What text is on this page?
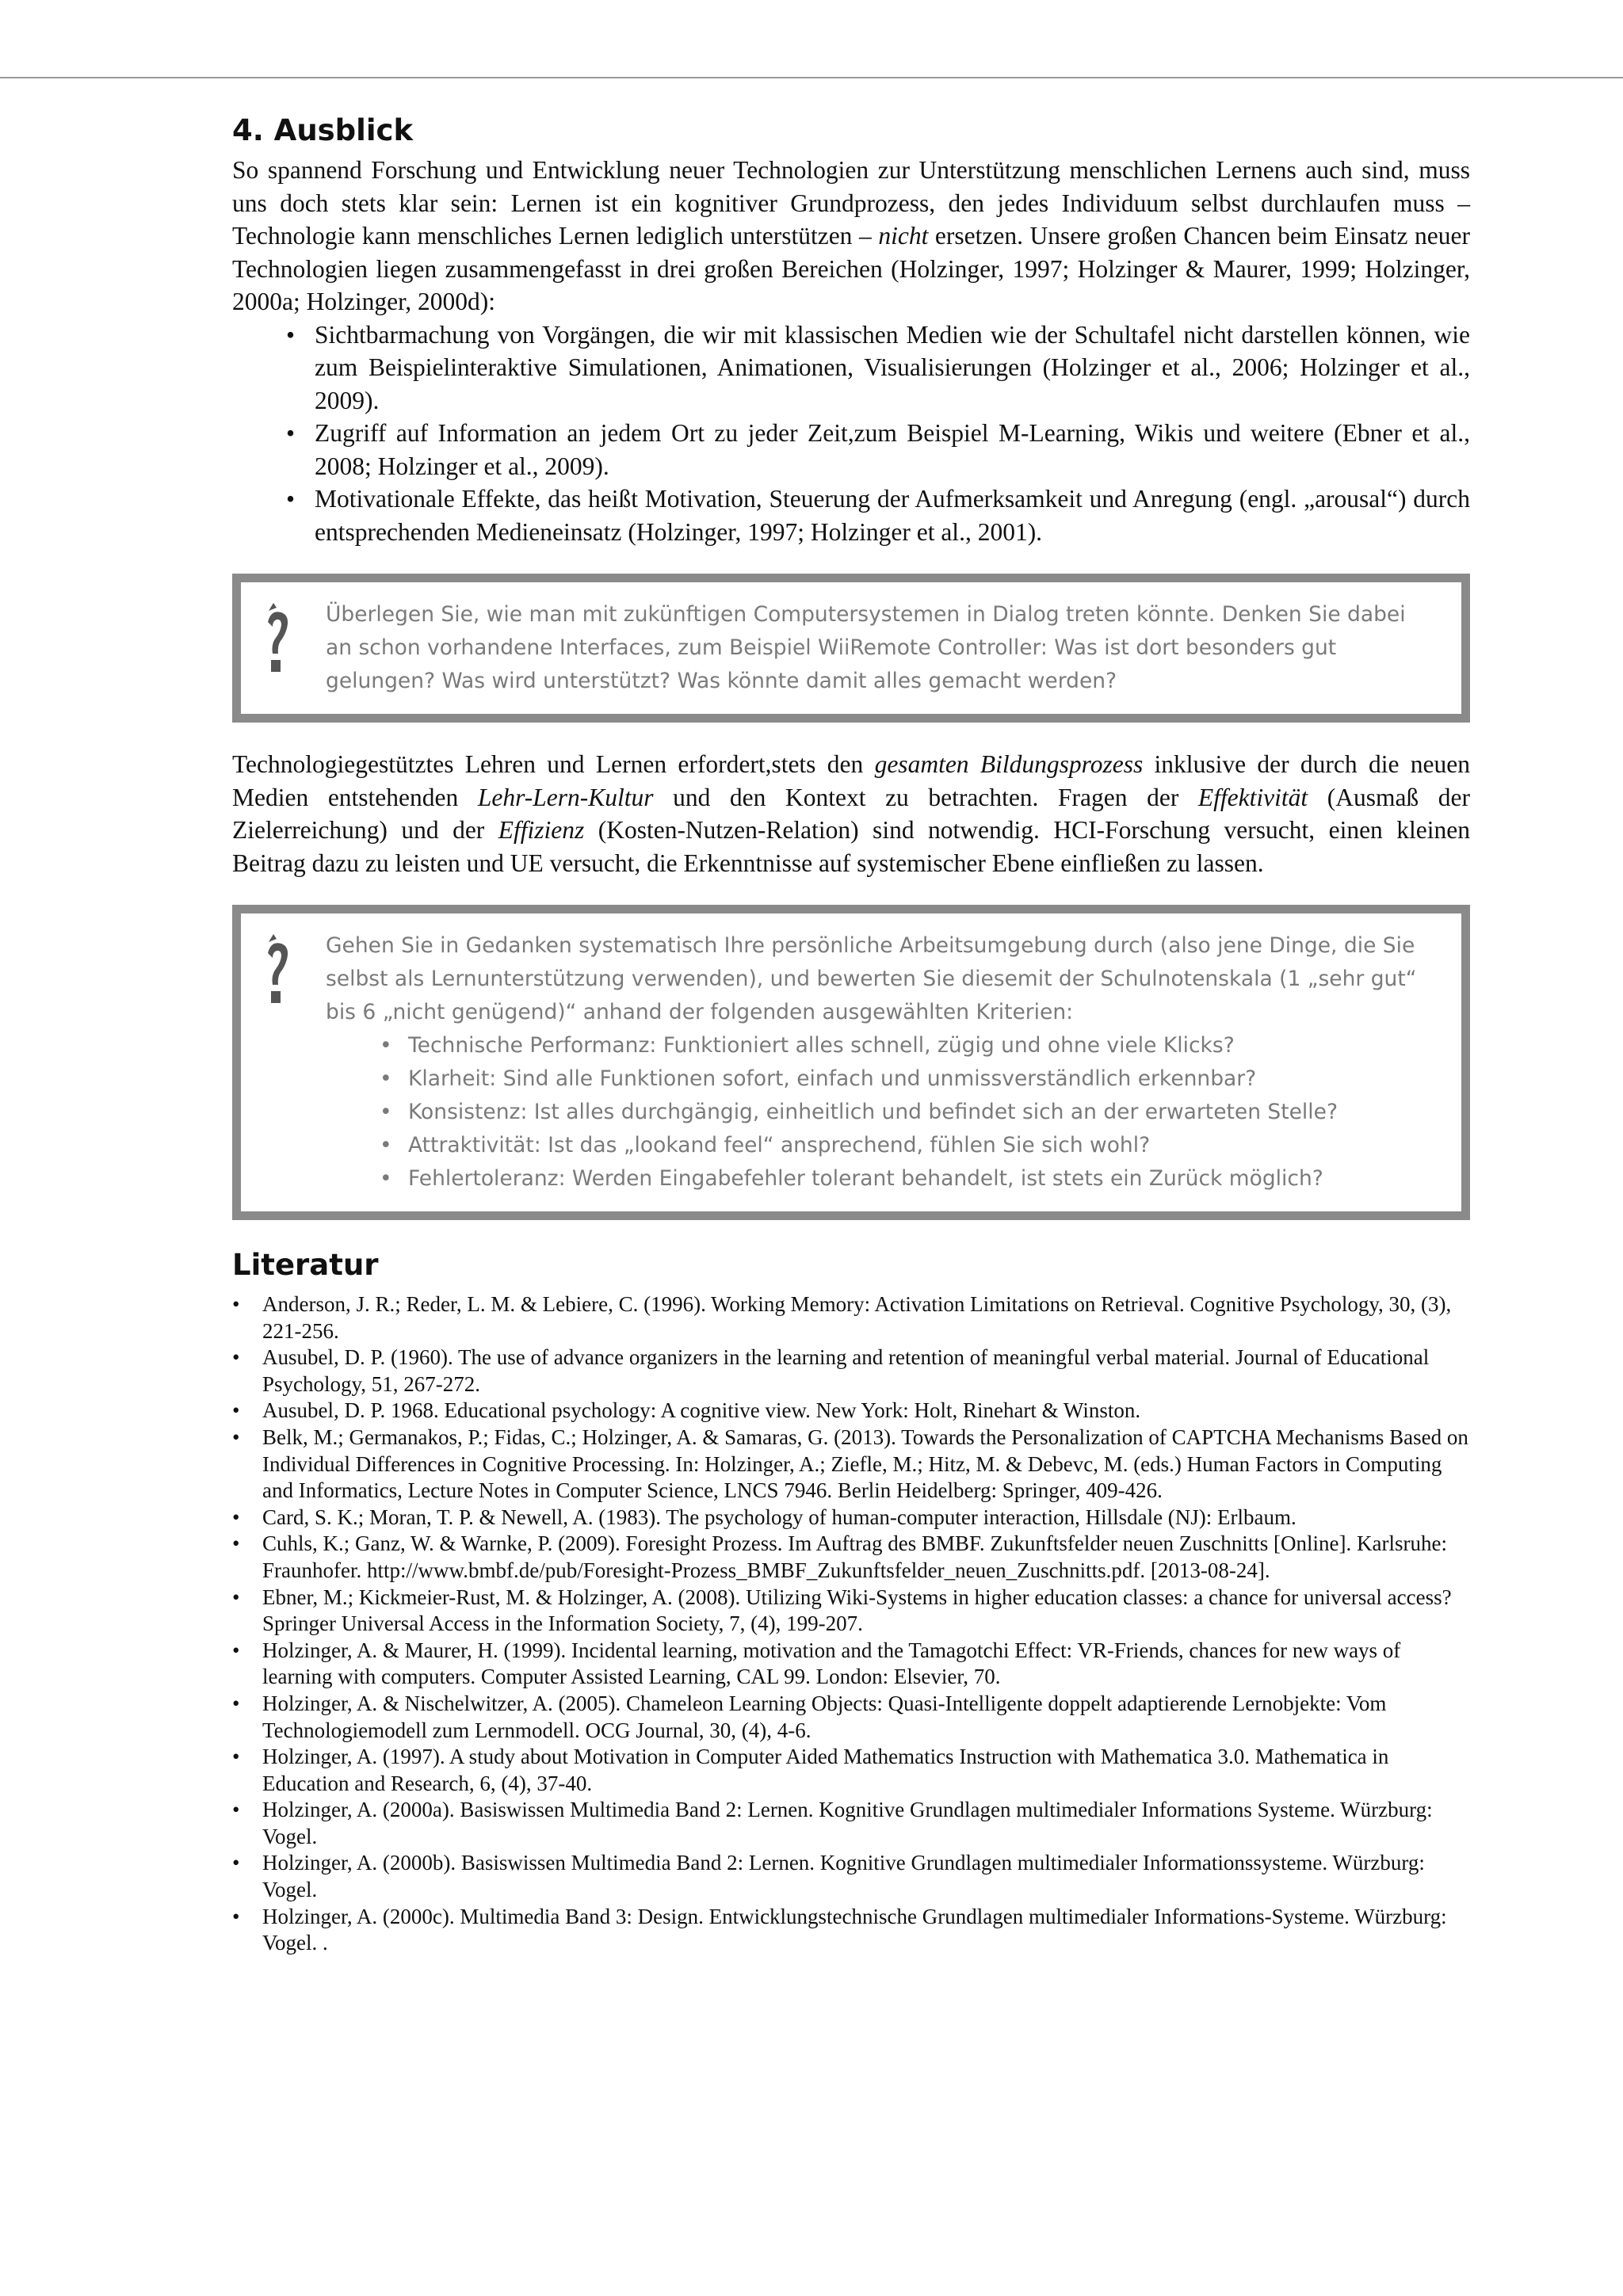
4. Ausblick

So spannend Forschung und Entwicklung neuer Technologien zur Unterstützung menschlichen Lernens auch sind, muss uns doch stets klar sein: Lernen ist ein kognitiver Grundprozess, den jedes Individuum selbst durchlaufen muss – Technologie kann menschliches Lernen lediglich unterstützen – nicht ersetzen. Unsere großen Chancen beim Einsatz neuer Technologien liegen zusammengefasst in drei großen Bereichen (Holzinger, 1997; Holzinger & Maurer, 1999; Holzinger, 2000a; Holzinger, 2000d):

• Sichtbarmachung von Vorgängen, die wir mit klassischen Medien wie der Schultafel nicht darstellen können, wie zum Beispielinteraktive Simulationen, Animationen, Visualisierungen (Holzinger et al., 2006; Holzinger et al., 2009).
• Zugriff auf Information an jedem Ort zu jeder Zeit,zum Beispiel M-Learning, Wikis und weitere (Ebner et al., 2008; Holzinger et al., 2009).
• Motivationale Effekte, das heißt Motivation, Steuerung der Aufmerksamkeit und Anregung (engl. „arousal“) durch entsprechenden Medieneinsatz (Holzinger, 1997; Holzinger et al., 2001).

Überlegen Sie, wie man mit zukünftigen Computersystemen in Dialog treten könnte. Denken Sie dabei an schon vorhandene Interfaces, zum Beispiel WiiRemote Controller: Was ist dort besonders gut gelungen? Was wird unterstützt? Was könnte damit alles gemacht werden?

Technologiegestütztes Lehren und Lernen erfordert,stets den gesamten Bildungsprozess inklusive der durch die neuen Medien entstehenden Lehr-Lern-Kultur und den Kontext zu betrachten. Fragen der Effektivität (Ausmaß der Zielerreichung) und der Effizienz (Kosten-Nutzen-Relation) sind notwendig. HCI-Forschung versucht, einen kleinen Beitrag dazu zu leisten und UE versucht, die Erkenntnisse auf systemischer Ebene einfließen zu lassen.

Gehen Sie in Gedanken systematisch Ihre persönliche Arbeitsumgebung durch (also jene Dinge, die Sie selbst als Lernunterstützung verwenden), und bewerten Sie diesemit der Schulnotenskala (1 „sehr gut“ bis 6 „nicht genügend)“ anhand der folgenden ausgewählten Kriterien:

• Technische Performanz: Funktioniert alles schnell, zügig und ohne viele Klicks?
• Klarheit: Sind alle Funktionen sofort, einfach und unmissverständlich erkennbar?
• Konsistenz: Ist alles durchgängig, einheitlich und befindet sich an der erwarteten Stelle?
• Attraktivität: Ist das „lookand feel“ ansprechend, fühlen Sie sich wohl?
• Fehlertoleranz: Werden Eingabefehler tolerant behandelt, ist stets ein Zurück möglich?
Literatur
• Anderson, J. R.; Reder, L. M. & Lebiere, C. (1996). Working Memory: Activation Limitations on Retrieval. Cognitive Psychology, 30, (3), 221-256.
• Ausubel, D. P. (1960). The use of advance organizers in the learning and retention of meaningful verbal material. Journal of Educational Psychology, 51, 267-272.
• Ausubel, D. P. 1968. Educational psychology: A cognitive view. New York: Holt, Rinehart & Winston.
• Belk, M.; Germanakos, P.; Fidas, C.; Holzinger, A. & Samaras, G. (2013). Towards the Personalization of CAPTCHA Mechanisms Based on Individual Differences in Cognitive Processing. In: Holzinger, A.; Ziefle, M.; Hitz, M. & Debevc, M. (eds.) Human Factors in Computing and Informatics, Lecture Notes in Computer Science, LNCS 7946. Berlin Heidelberg: Springer, 409-426.
• Card, S. K.; Moran, T. P. & Newell, A. (1983). The psychology of human-computer interaction, Hillsdale (NJ): Erlbaum.
• Cuhls, K.; Ganz, W. & Warnke, P. (2009). Foresight Prozess. Im Auftrag des BMBF. Zukunftsfelder neuen Zuschnitts [Online]. Karlsruhe: Fraunhofer. http://www.bmbf.de/pub/Foresight-Prozess_BMBF_Zukunftsfelder_neuen_Zuschnitts.pdf. [2013-08-24].
• Ebner, M.; Kickmeier-Rust, M. & Holzinger, A. (2008). Utilizing Wiki-Systems in higher education classes: a chance for universal access? Springer Universal Access in the Information Society, 7, (4), 199-207.
• Holzinger, A. & Maurer, H. (1999). Incidental learning, motivation and the Tamagotchi Effect: VR-Friends, chances for new ways of learning with computers. Computer Assisted Learning, CAL 99. London: Elsevier, 70.
• Holzinger, A. & Nischelwitzer, A. (2005). Chameleon Learning Objects: Quasi-Intelligente doppelt adaptierende Lernobjekte: Vom Technologiemodell zum Lernmodell. OCG Journal, 30, (4), 4-6.
• Holzinger, A. (1997). A study about Motivation in Computer Aided Mathematics Instruction with Mathematica 3.0. Mathematica in Education and Research, 6, (4), 37-40.
• Holzinger, A. (2000a). Basiswissen Multimedia Band 2: Lernen. Kognitive Grundlagen multimedialer Informations Systeme. Würzburg: Vogel.
• Holzinger, A. (2000b). Basiswissen Multimedia Band 2: Lernen. Kognitive Grundlagen multimedialer Informationssysteme. Würzburg: Vogel.
• Holzinger, A. (2000c). Multimedia Band 3: Design. Entwicklungstechnische Grundlagen multimedialer Informations-Systeme. Würzburg: Vogel. .
